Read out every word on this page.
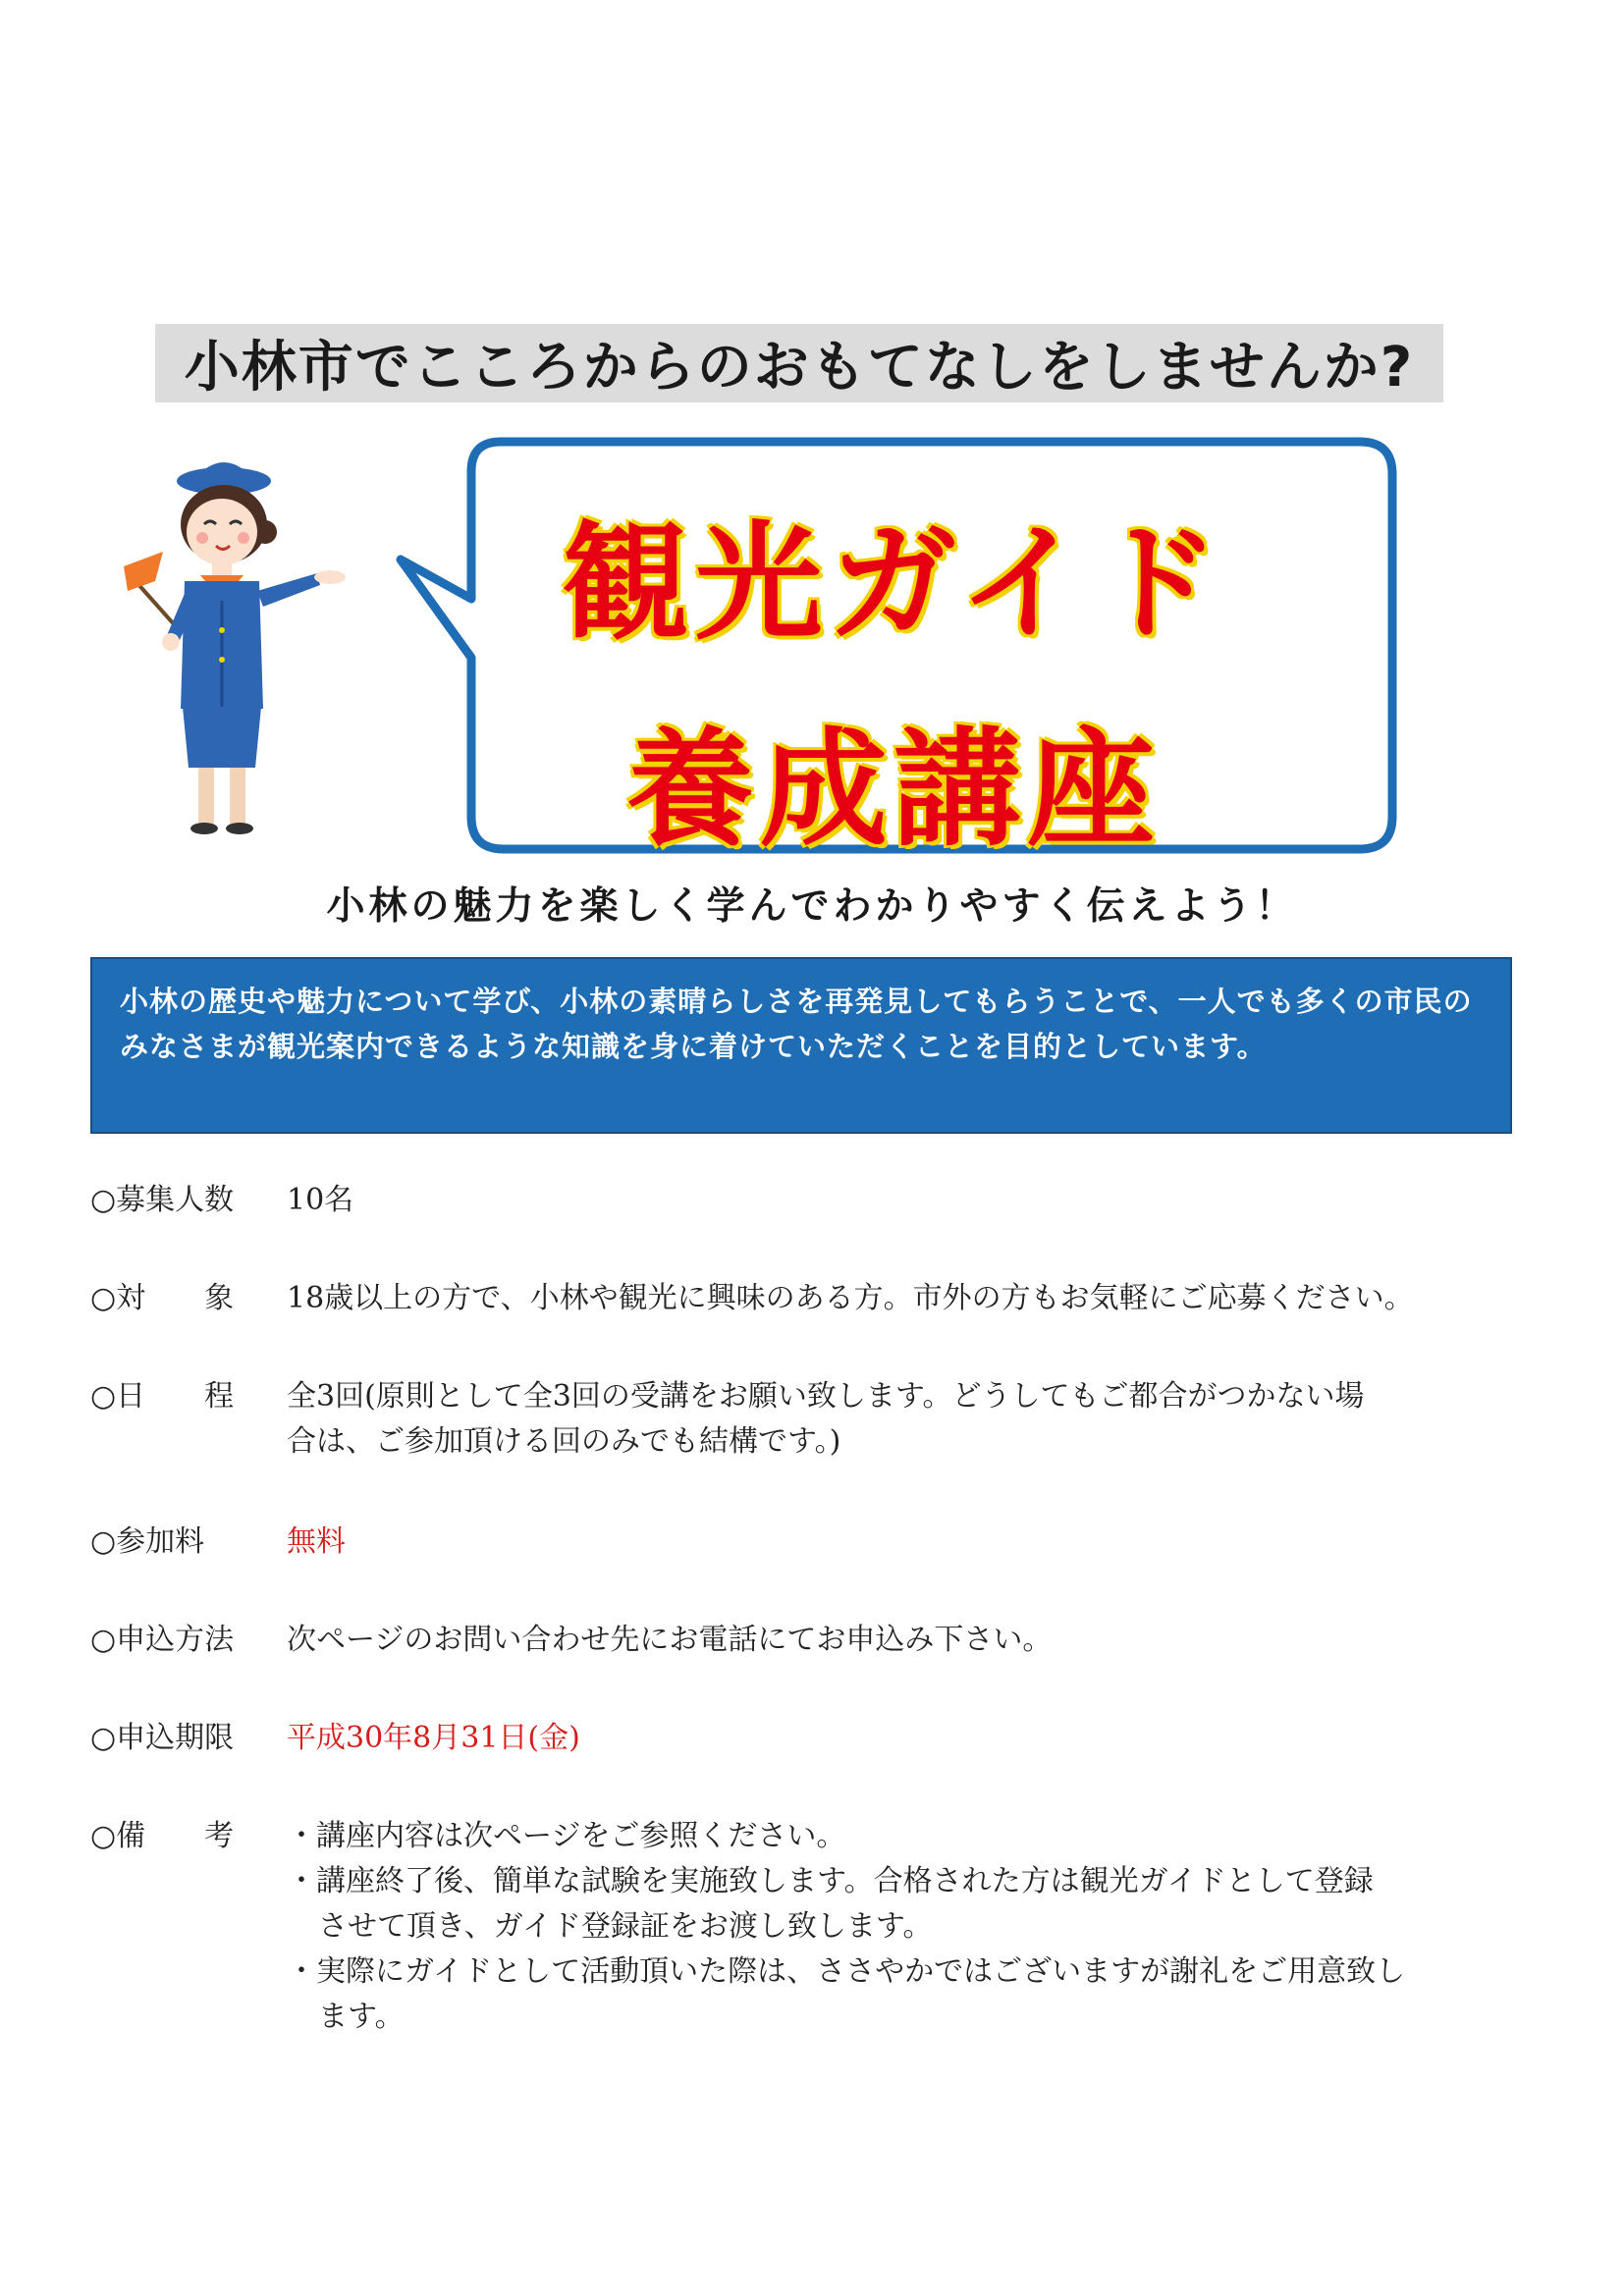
小林市でこころからのおもてなしをしませんか?
観光ガイド
養成講座
小林の魅力を楽しく学んでわかりやすく伝えよう！
小林の歴史や魅力について学び、小林の素晴らしさを再発見してもらうことで、一人でも多くの市民のみなさまが観光案内できるような知識を身に着けていただくことを目的としています。
○募集人数	10名
○対　　象	18歳以上の方で、小林や観光に興味のある方。市外の方もお気軽にご応募ください。
○日　　程	全3回(原則として全3回の受講をお願い致します。どうしてもご都合がつかない場
合は、ご参加頂ける回のみでも結構です。)
○参加料	無料
○申込方法	次ページのお問い合わせ先にお電話にてお申込み下さい。
○申込期限	平成30年8月31日(金)
○備　　考	・講座内容は次ページをご参照ください。
・講座終了後、簡単な試験を実施致します。合格された方は観光ガイドとして登録
させて頂き、ガイド登録証をお渡し致します。
・実際にガイドとして活動頂いた際は、ささやかではございますが謝礼をご用意致し
ます。
